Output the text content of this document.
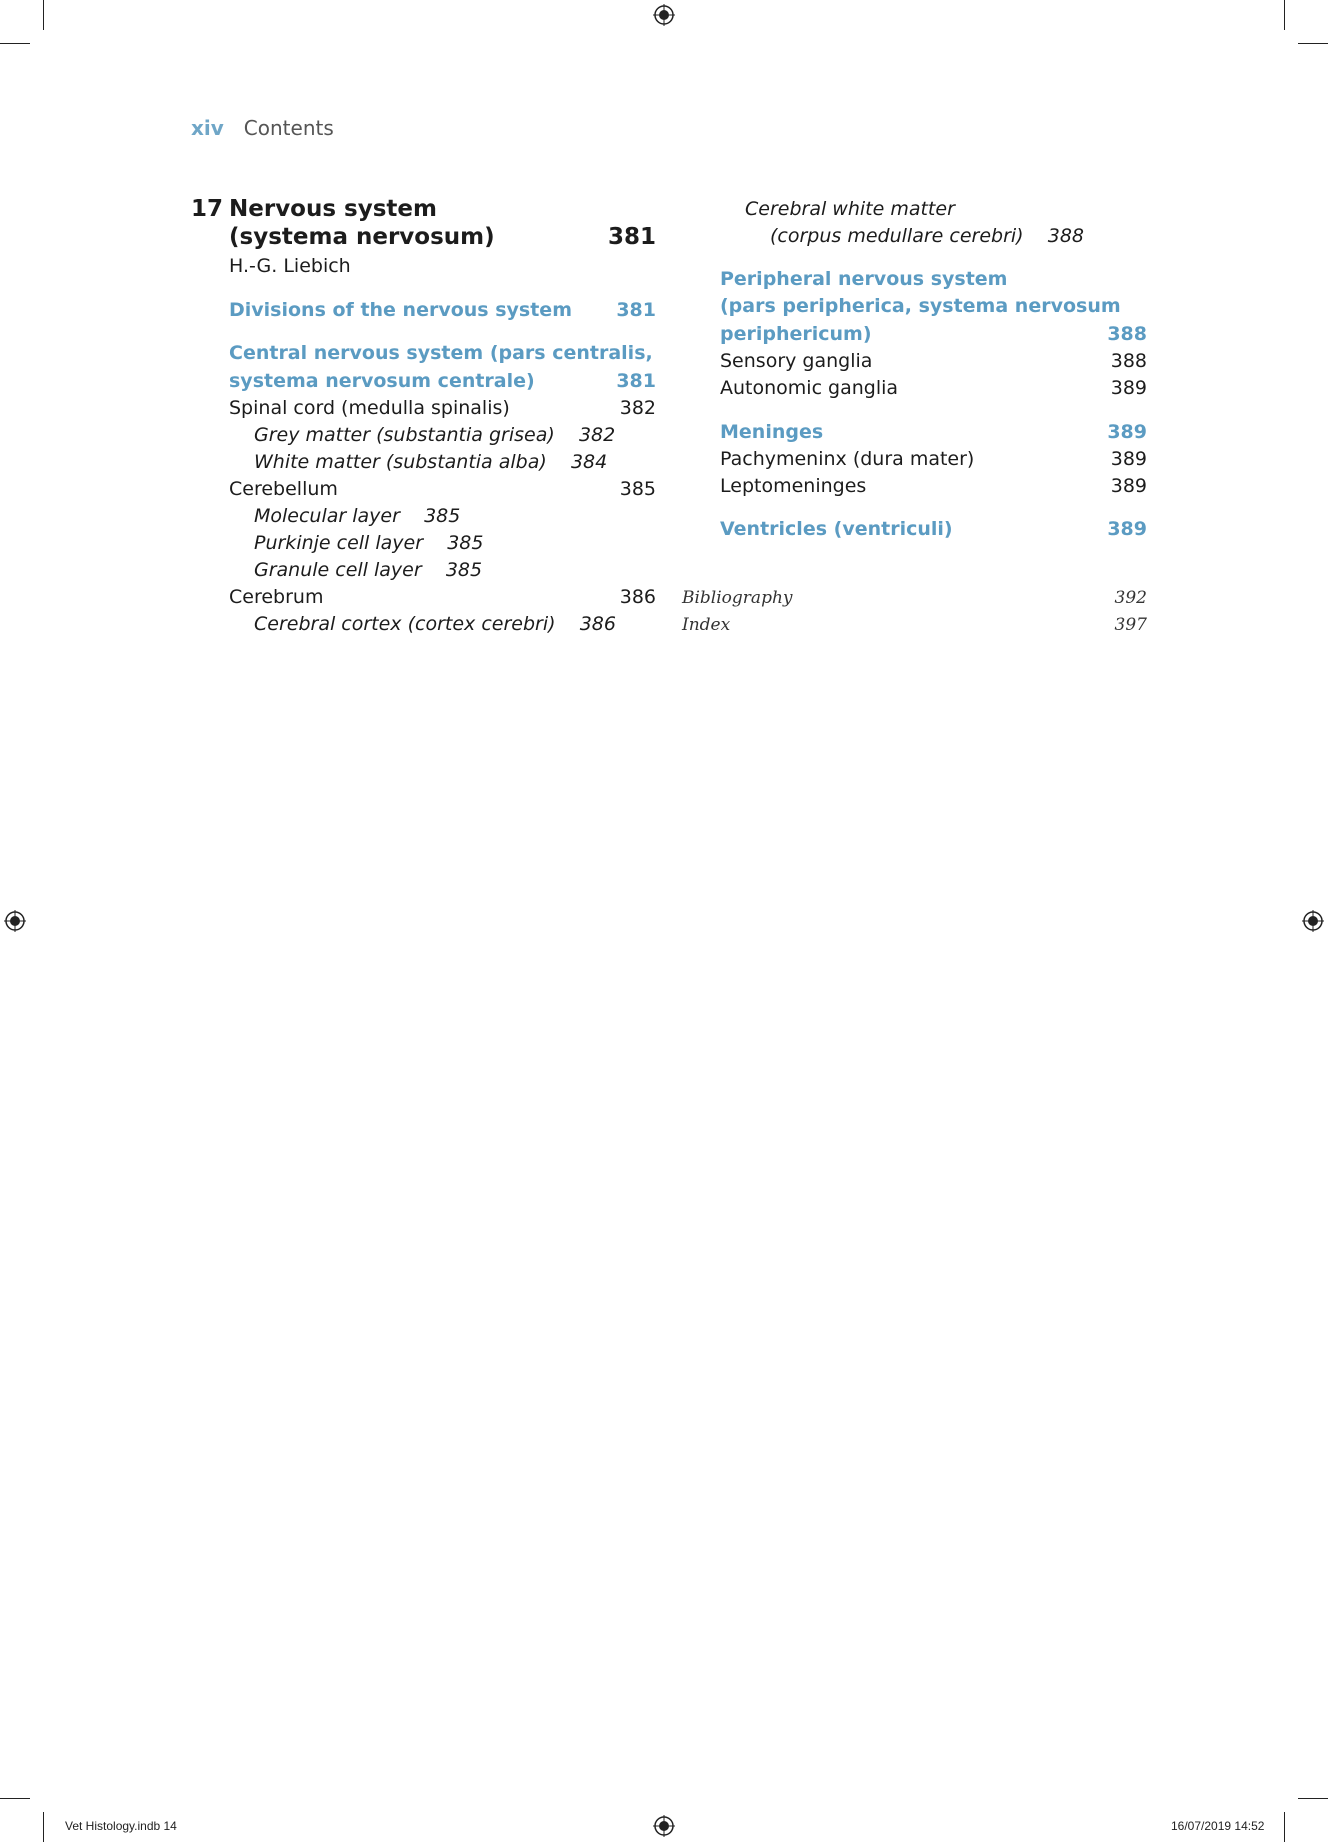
xiv Contents
17 Nervous system
(systema nervosum)	381
H.-G. Liebich
Divisions of the nervous system	381
Central nervous system (pars centralis,
systema nervosum centrale)	381
Spinal cord (medulla spinalis)	382
Grey matter (substantia grisea) 382
White matter (substantia alba) 384
Cerebellum	385
Molecular layer 385
Purkinje cell layer 385
Granule cell layer 385
Cerebrum	386
Cerebral cortex (cortex cerebri) 386
Cerebral white matter
(corpus medullare cerebri) 388
Peripheral nervous system
(pars peripherica, systema nervosum
periphericum)	388
Sensory ganglia	388
Autonomic ganglia	389
Meninges	389
Pachymeninx (dura mater)	389
Leptomeninges	389
Ventricles (ventriculi)	389
Bibliography	392
Index	397
Vet Histology.indb 14	16/07/2019 14:52
